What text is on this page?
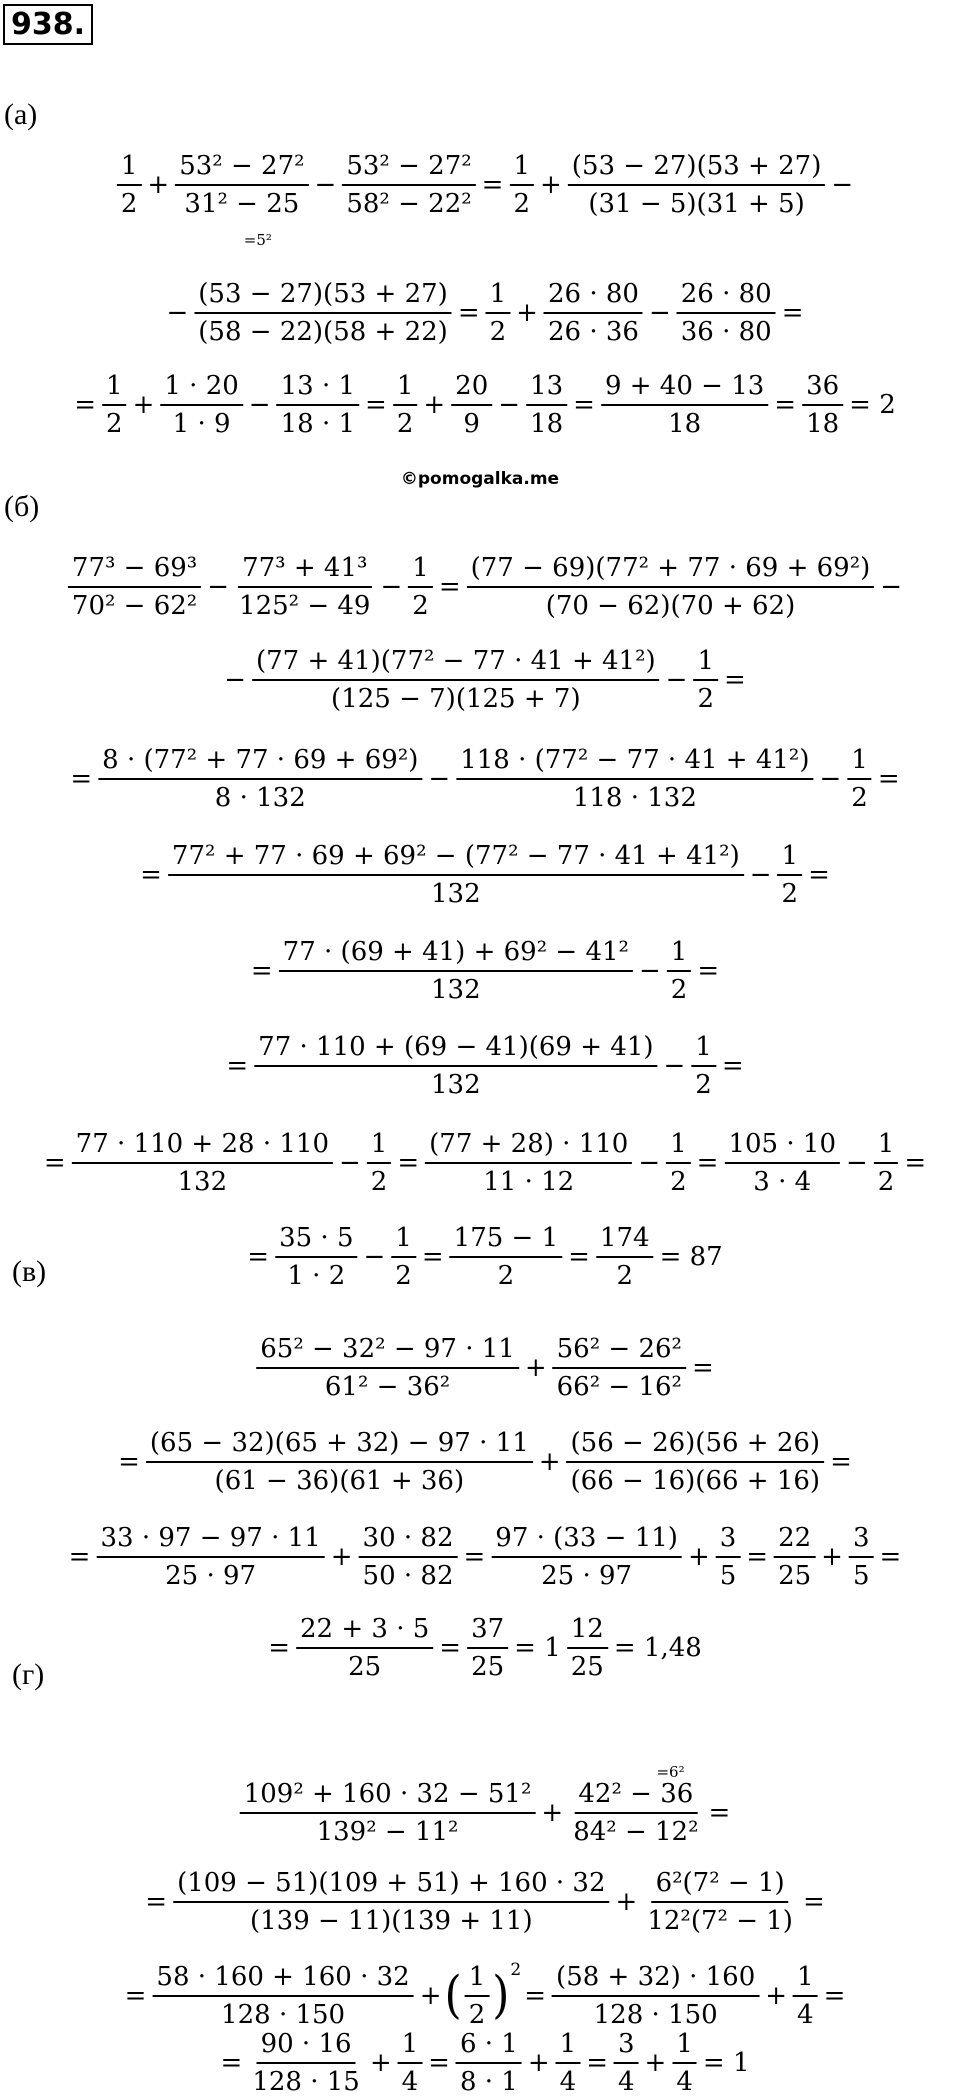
938.
(а)
(б)
(в)
(г)
©pomogalka.me
$\frac{1}{2}$ +
53² − 27²
31² − 25
=5²
− $\frac{\text{53² − 27²}}{\text{58² − 22²}} = \frac{1}{2} + \frac{(53 - 27)(53 + 27)}{(31 - 5)(31 + 5)}$ −
− $\frac{(53 - 27)(53 + 27)}{(58 - 22)(58 + 22)} = \frac{1}{2} + \frac{26 \cdot 80}{26 \cdot 36} - \frac{26 \cdot 80}{36 \cdot 80}$ =
= $\frac{1}{2} + \frac{1 \cdot 20}{1 \cdot 9} - \frac{13 \cdot 1}{18 \cdot 1} = \frac{1}{2} + \frac{20}{9} - \frac{13}{18} = \frac{9 + 40 - 13}{18} = \frac{36}{18} = 2$
$\frac{\text{77³ − 69³}}{\text{70² − 62²}} - \frac{\text{77³ + 41³}}{\text{125² − 49}} - \frac{1}{2} = \frac{\text{(77 − 69)(77² + 77 · 69 + 69²)}}{(70 - 62)(70 + 62)}$ −
− $\frac{\text{(77 + 41)(77² − 77 · 41 + 41²)}}{(125 - 7)(125 + 7)} - \frac{1}{2}$ =
= $\frac{\text{8 · (77² + 77 · 69 + 69²)}}{8 \cdot 132} - \frac{\text{118 · (77² − 77 · 41 + 41²)}}{118 \cdot 132} - \frac{1}{2}$ =
= $\frac{\text{77² + 77 · 69 + 69² − (77² − 77 · 41 + 41²)}}{132} - \frac{1}{2}$ =
= $\frac{\text{77 · (69 + 41) + 69² − 41²}}{132} - \frac{1}{2}$ =
= $\frac{77 \cdot 110 + (69 - 41)(69 + 41)}{132} - \frac{1}{2}$ =
= $\frac{77 \cdot 110 + 28 \cdot 110}{132} - \frac{1}{2} = \frac{(77 + 28) \cdot 110}{11 \cdot 12} - \frac{1}{2} = \frac{105 \cdot 10}{3 \cdot 4} - \frac{1}{2}$ =
= $\frac{35 \cdot 5}{1 \cdot 2} - \frac{1}{2} = \frac{175 - 1}{2} = \frac{174}{2} = 87$
$\frac{\text{65² − 32² − 97 · 11}}{\text{61² − 36²}} + \frac{\text{56² − 26²}}{\text{66² − 16²}}$ =
= $\frac{(65 - 32)(65 + 32) - 97 \cdot 11}{(61 - 36)(61 + 36)} + \frac{(56 - 26)(56 + 26)}{(66 - 16)(66 + 16)}$ =
= $\frac{33 \cdot 97 - 97 \cdot 11}{25 \cdot 97} + \frac{30 \cdot 82}{50 \cdot 82} = \frac{97 \cdot (33 - 11)}{25 \cdot 97} + \frac{3}{5} = \frac{22}{25} + \frac{3}{5}$ =
= $\frac{22 + 3 \cdot 5}{25} = \frac{37}{25} = 1 \frac{12}{25} = 1,48$
$\frac{\text{109² + 160 · 32 − 51²}}{\text{139² − 11²}}$ +
42² − 36
84² − 12²
=6²
=
= $\frac{(109 - 51)(109 + 51) + 160 \cdot 32}{(139 - 11)(139 + 11)} + \frac{\text{6²(7² − 1)}}{\text{12²(7² − 1)}}$ =
= $\frac{58 \cdot 160 + 160 \cdot 32}{128 \cdot 150}$ + ( $\frac{1}{2}$ ) $^2$
= $\frac{(58 + 32) \cdot 160}{128 \cdot 150} + \frac{1}{4}$ =
= $\frac{90 \cdot 16}{128 \cdot 15} + \frac{1}{4} = \frac{6 \cdot 1}{8 \cdot 1} + \frac{1}{4} = \frac{3}{4} + \frac{1}{4} = 1$
